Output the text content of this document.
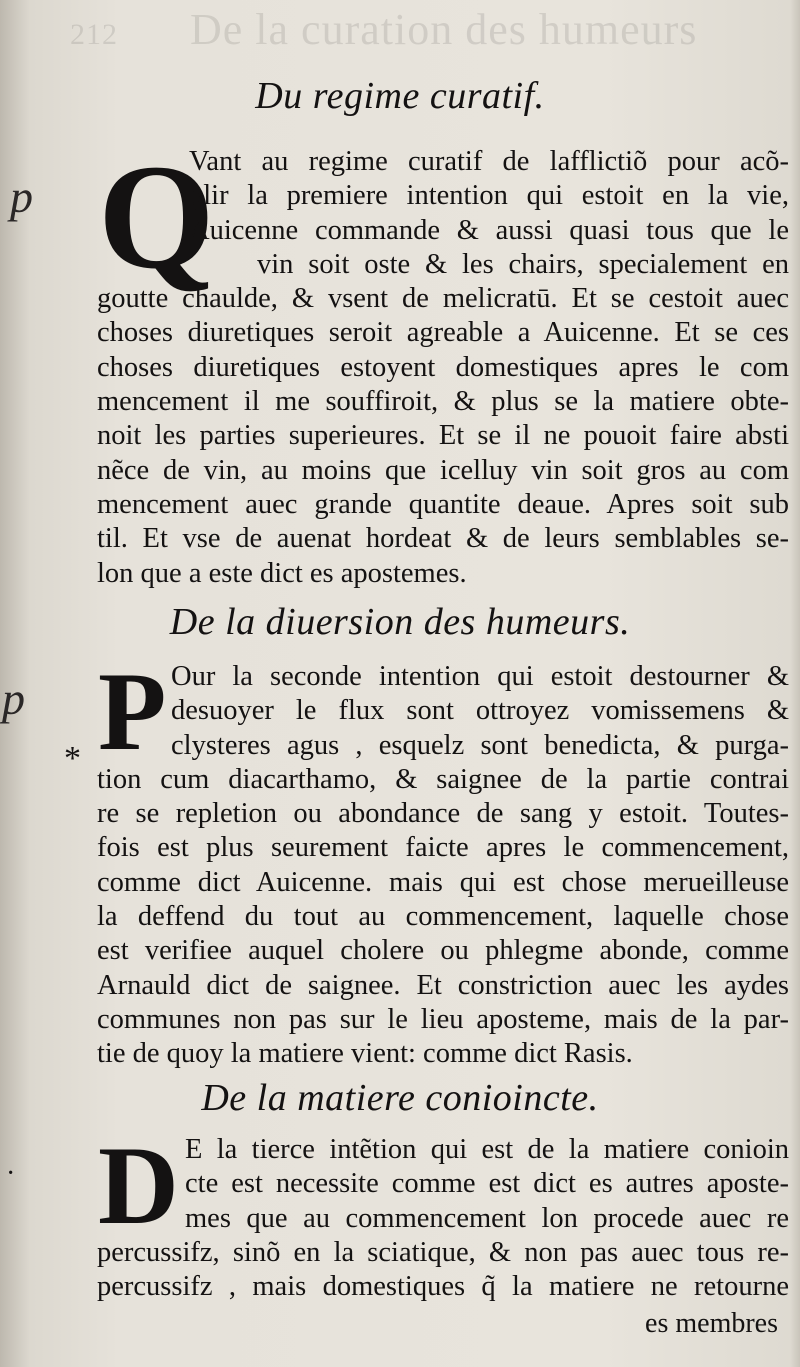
212 De la curation des humeurs
p
p
*
·
Du regime curatif.
Q
Vant au regime curatif de lafflictiõ pour acõ-
plir la premiere intention qui estoit en la vie,
Auicenne commande & aussi quasi tous que le
vin soit oste & les chairs, specialement en
goutte chaulde, & vsent de melicratū. Et se cestoit auec
choses diuretiques seroit agreable a Auicenne. Et se ces
choses diuretiques estoyent domestiques apres le com
mencement il me souffiroit, & plus se la matiere obte-
noit les parties superieures. Et se il ne pouoit faire absti
nẽce de vin, au moins que icelluy vin soit gros au com
mencement auec grande quantite deaue. Apres soit sub
til. Et vse de auenat hordeat & de leurs semblables se-
lon que a este dict es apostemes.
De la diuersion des humeurs.
P Our la seconde intention qui estoit destourner &
desuoyer le flux sont ottroyez vomissemens &
clysteres agus , esquelz sont benedicta, & purga-
tion cum diacarthamo, & saignee de la partie contrai
re se repletion ou abondance de sang y estoit. Toutes-
fois est plus seurement faicte apres le commencement,
comme dict Auicenne. mais qui est chose merueilleuse
la deffend du tout au commencement, laquelle chose
est verifiee auquel cholere ou phlegme abonde, comme
Arnauld dict de saignee. Et constriction auec les aydes
communes non pas sur le lieu aposteme, mais de la par-
tie de quoy la matiere vient: comme dict Rasis.
De la matiere conioincte.
D E la tierce intẽtion qui est de la matiere conioin
cte est necessite comme est dict es autres aposte-
mes que au commencement lon procede auec re
percussifz, sinõ en la sciatique, & non pas auec tous re-
percussifz , mais domestiques q̃ la matiere ne retourne
es membres
